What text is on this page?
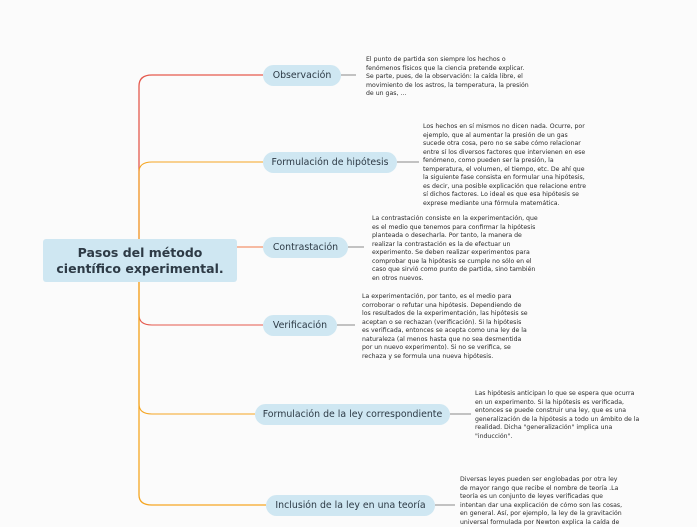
Pasos del método
científico experimental.
Observación
El punto de partida son siempre los hechos o
fenómenos físicos que la ciencia pretende explicar.
Se parte, pues, de la observación: la caída libre, el
movimiento de los astros, la temperatura, la presión
de un gas, ...
Formulación de hipótesis
Los hechos en sí mismos no dicen nada. Ocurre, por
ejemplo, que al aumentar la presión de un gas
sucede otra cosa, pero no se sabe cómo relacionar
entre sí los diversos factores que intervienen en ese
fenómeno, como pueden ser la presión, la
temperatura, el volumen, el tiempo, etc. De ahí que
la siguiente fase consista en formular una hipótesis,
es decir, una posible explicación que relacione entre
sí dichos factores. Lo ideal es que esa hipótesis se
exprese mediante una fórmula matemática.
Contrastación
La contrastación consiste en la experimentación, que
es el medio que tenemos para confirmar la hipótesis
planteada o desecharla. Por tanto, la manera de
realizar la contrastación es la de efectuar un
experimento. Se deben realizar experimentos para
comprobar que la hipótesis se cumple no sólo en el
caso que sirvió como punto de partida, sino también
en otros nuevos.
Verificación
La experimentación, por tanto, es el medio para
corroborar o refutar una hipótesis. Dependiendo de
los resultados de la experimentación, las hipótesis se
aceptan o se rechazan (verificación). Si la hipótesis
es verificada, entonces se acepta como una ley de la
naturaleza (al menos hasta que no sea desmentida
por un nuevo experimento). Si no se verifica, se
rechaza y se formula una nueva hipótesis.
Formulación de la ley correspondiente
Las hipótesis anticipan lo que se espera que ocurra
en un experimento. Si la hipótesis es verificada,
entonces se puede construir una ley, que es una
generalización de la hipótesis a todo un ámbito de la
realidad. Dicha "generalización" implica una
"inducción".
Inclusión de la ley en una teoría
Diversas leyes pueden ser englobadas por otra ley
de mayor rango que recibe el nombre de teoría .La
teoría es un conjunto de leyes verificadas que
intentan dar una explicación de cómo son las cosas,
en general. Así, por ejemplo, la ley de la gravitación
universal formulada por Newton explica la caída de
